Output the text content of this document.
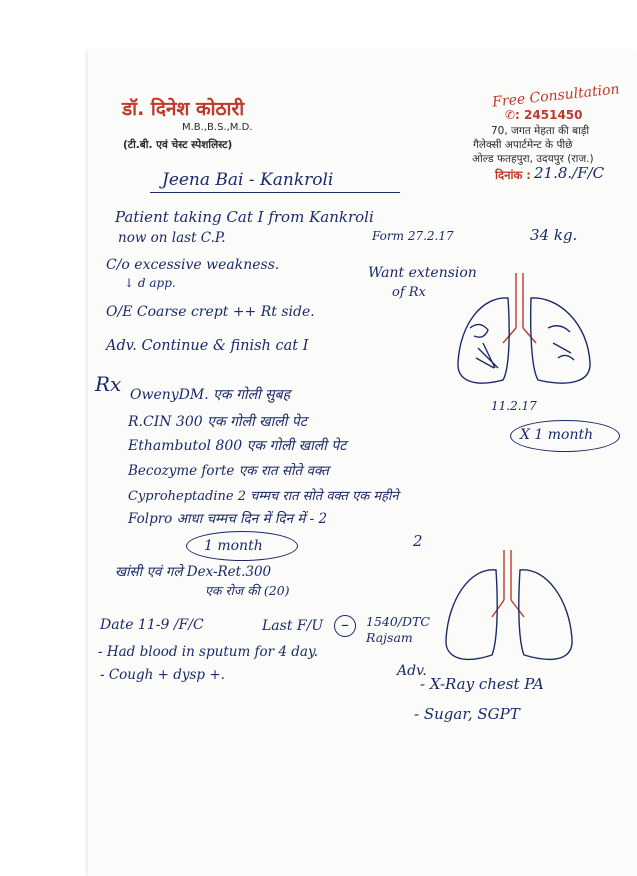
डॉ. दिनेश कोठारी
M.B.,B.S.,M.D.
(टी.बी. एवं चेस्ट स्पेशलिस्ट)
Free Consultation
✆: 2451450
70, जगत मेहता की बाड़ी
गैलेक्सी अपार्टमेन्ट के पीछे
ओल्ड फतहपुरा, उदयपुर (राज.)
दिनांक : 21.8./F/C
Jeena Bai - Kankroli
Patient taking Cat I from Kankroli
now on last C.P.	Form 27.2.17	34 kg.
C/o excessive weakness.
↓ d app.
Want extension
of Rx
O/E Coarse crept ++ Rt side.
Adv. Continue & finish cat I
Rx
11.2.17
X 1 month
OwenyDM. एक गोली सुबह
R.CIN 300 एक गोली खाली पेट
Ethambutol 800 एक गोली खाली पेट
Becozyme forte एक रात सोते वक्त
Cyproheptadine 2 चम्मच रात सोते वक्त एक महीने
Folpro आधा चम्मच दिन में दिन में - 2
1 month	2
खांसी एवं गले Dex-Ret.300
एक रोज की (20)
Date 11-9 /F/C	Last F/U	–	1540/DTC Rajsam
- Had blood in sputum for 4 day.
- Cough + dysp +.	Adv.
- X-Ray chest PA
- Sugar, SGPT
